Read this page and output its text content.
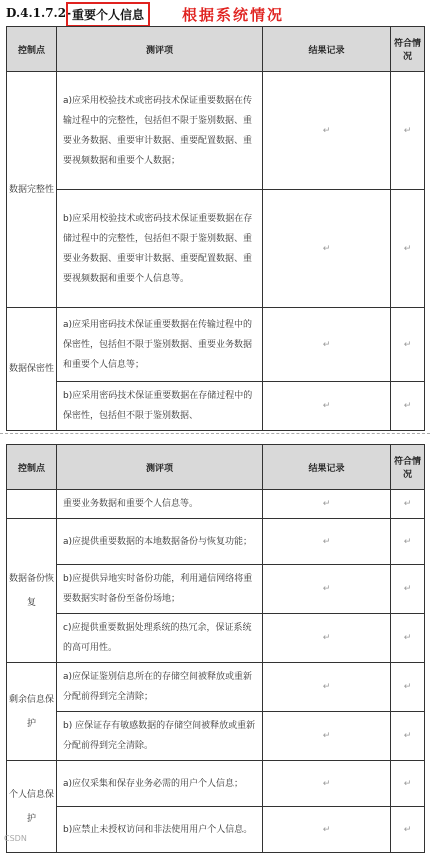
D.4.1.7.2- 重要个人信息	根据系统情况
控制点	测评项	结果记录	符合情况
数据完整性	a)应采用校验技术或密码技术保证重要数据在传输过程中的完整性，包括但不限于鉴别数据、重要业务数据、重要审计数据、重要配置数据、重要视频数据和重要个人数据；	↵	↵
	b)应采用校验技术或密码技术保证重要数据在存储过程中的完整性，包括但不限于鉴别数据、重要业务数据、重要审计数据、重要配置数据、重要视频数据和重要个人信息等。	↵	↵
数据保密性	a)应采用密码技术保证重要数据在传输过程中的保密性，包括但不限于鉴别数据、重要业务数据和重要个人信息等；	↵	↵
	b)应采用密码技术保证重要数据在存储过程中的保密性，包括但不限于鉴别数据、	↵	↵
控制点	测评项	结果记录	符合情况
	重要业务数据和重要个人信息等。	↵	↵
数据备份恢复	a)应提供重要数据的本地数据备份与恢复功能；	↵	↵
	b)应提供异地实时备份功能，利用通信网络将重要数据实时备份至备份场地；	↵	↵
	c)应提供重要数据处理系统的热冗余，保证系统的高可用性。	↵	↵
剩余信息保护	a)应保证鉴别信息所在的存储空间被释放或重新分配前得到完全清除；	↵	↵
	b) 应保证存有敏感数据的存储空间被释放或重新分配前得到完全清除。	↵	↵
个人信息保护	a)应仅采集和保存业务必需的用户个人信息；	↵	↵
	b)应禁止未授权访问和非法使用用户个人信息。	↵	↵
CSDN
